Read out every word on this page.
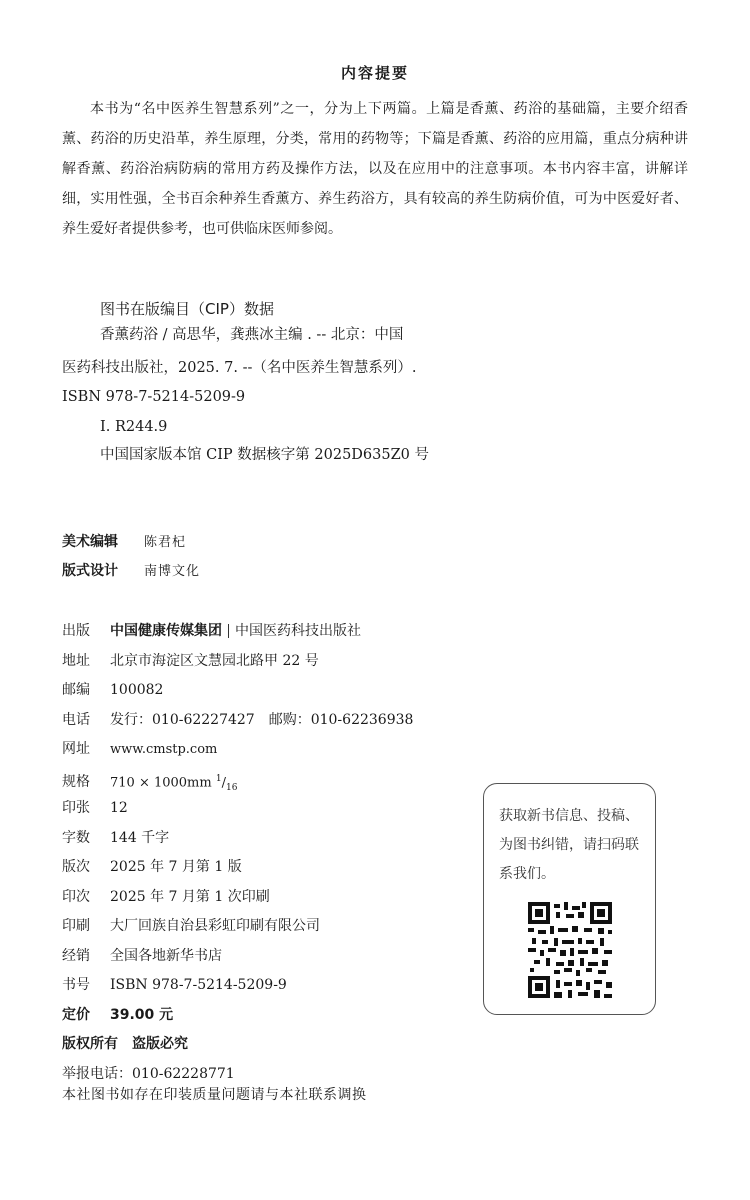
内容提要
本书为“名中医养生智慧系列”之一，分为上下两篇。上篇是香薰、药浴的基础篇，主要介绍香薰、药浴的历史沿革，养生原理，分类，常用的药物等；下篇是香薰、药浴的应用篇，重点分病种讲解香薰、药浴治病防病的常用方药及操作方法，以及在应用中的注意事项。本书内容丰富，讲解详细，实用性强，全书百余种养生香薰方、养生药浴方，具有较高的养生防病价值，可为中医爱好者、养生爱好者提供参考，也可供临床医师参阅。
图书在版编目（CIP）数据
香薰药浴 / 高思华，龚燕冰主编 . -- 北京：中国
医药科技出版社，2025. 7. --（名中医养生智慧系列）.
ISBN 978-7-5214-5209-9
Ⅰ. R244.9
中国国家版本馆 CIP 数据核字第 2025D635Z0 号
美术编辑 陈君杞
版式设计 南博文化
出版 中国健康传媒集团 中国医药科技出版社
地址 北京市海淀区文慧园北路甲 22 号
邮编 100082
电话 发行：010-62227427　邮购：010-62236938
网址 www.cmstp.com
规格 710 × 1000mm $^1/_{16}$
印张 12
字数 144 千字
版次 2025 年 7 月第 1 版
印次 2025 年 7 月第 1 次印刷
印刷 大厂回族自治县彩虹印刷有限公司
经销 全国各地新华书店
书号 ISBN 978-7-5214-5209-9
定价 39.00 元
版权所有　盗版必究
举报电话：010-62228771
本社图书如存在印装质量问题请与本社联系调换
获取新书信息、投稿、为图书纠错，请扫码联系我们。
